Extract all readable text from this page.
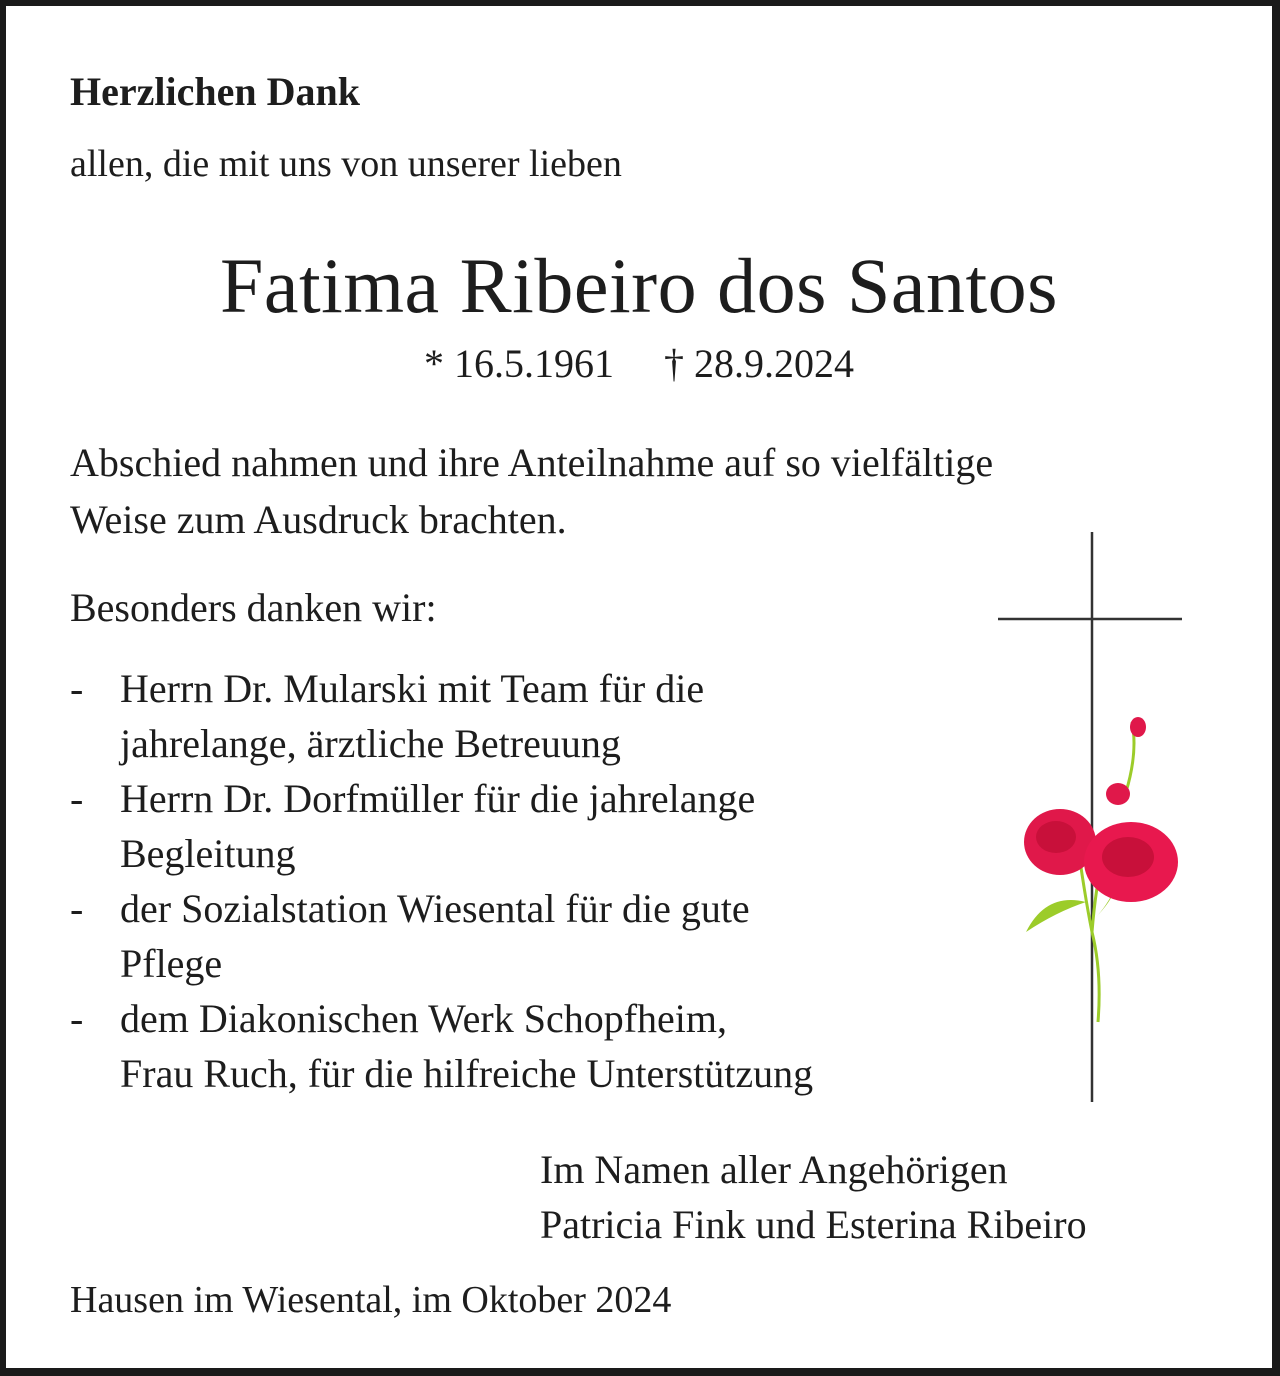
Herzlichen Dank
allen, die mit uns von unserer lieben
Fatima Ribeiro dos Santos
* 16.5.1961 † 28.9.2024
Abschied nahmen und ihre Anteilnahme auf so vielfältige
Weise zum Ausdruck brachten.
Besonders danken wir:
- Herrn Dr. Mularski mit Team für die
jahrelange, ärztliche Betreuung
- Herrn Dr. Dorfmüller für die jahrelange
Begleitung
- der Sozialstation Wiesental für die gute
Pflege
- dem Diakonischen Werk Schopfheim,
Frau Ruch, für die hilfreiche Unterstützung
Im Namen aller Angehörigen
Patricia Fink und Esterina Ribeiro
Hausen im Wiesental, im Oktober 2024
